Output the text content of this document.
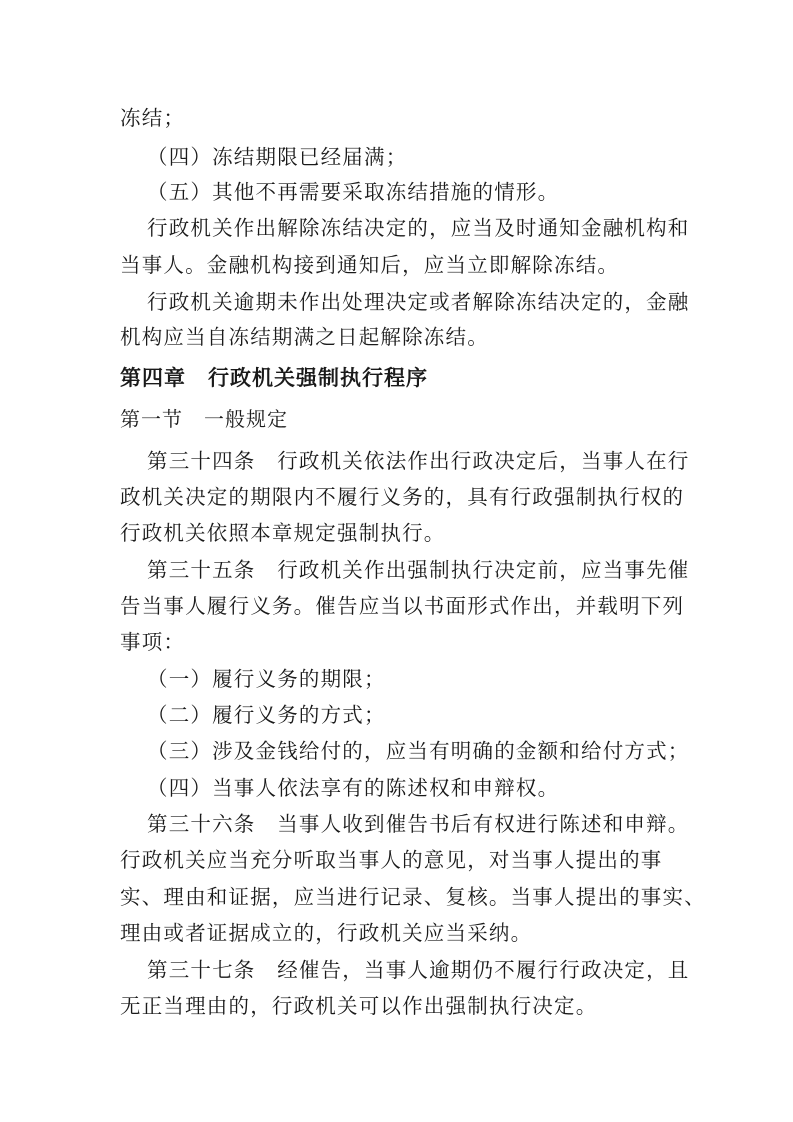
冻结；
（四）冻结期限已经届满；
（五）其他不再需要采取冻结措施的情形。
行政机关作出解除冻结决定的，应当及时通知金融机构和
当事人。金融机构接到通知后，应当立即解除冻结。
行政机关逾期未作出处理决定或者解除冻结决定的，金融
机构应当自冻结期满之日起解除冻结。
第四章　行政机关强制执行程序
第一节　一般规定
第三十四条　行政机关依法作出行政决定后，当事人在行
政机关决定的期限内不履行义务的，具有行政强制执行权的
行政机关依照本章规定强制执行。
第三十五条　行政机关作出强制执行决定前，应当事先催
告当事人履行义务。催告应当以书面形式作出，并载明下列
事项：
（一）履行义务的期限；
（二）履行义务的方式；
（三）涉及金钱给付的，应当有明确的金额和给付方式；
（四）当事人依法享有的陈述权和申辩权。
第三十六条　当事人收到催告书后有权进行陈述和申辩。
行政机关应当充分听取当事人的意见，对当事人提出的事
实、理由和证据，应当进行记录、复核。当事人提出的事实、
理由或者证据成立的，行政机关应当采纳。
第三十七条　经催告，当事人逾期仍不履行行政决定，且
无正当理由的，行政机关可以作出强制执行决定。
